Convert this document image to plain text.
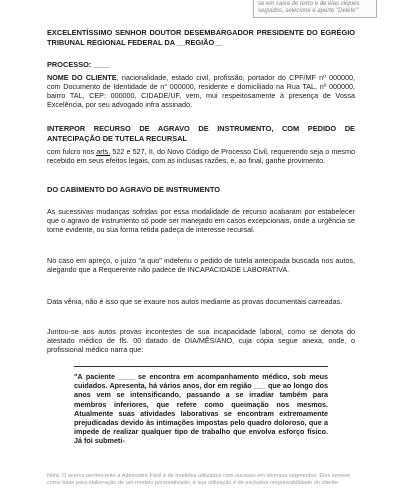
se em caixa de texto e de elas cliques seguidos, selecione e aperte "Delete"
EXCELENTÍSSIMO SENHOR DOUTOR DESEMBARGADOR PRESIDENTE DO EGRÉGIO TRIBUNAL REGIONAL FEDERAL DA __REGIÃO__
PROCESSO: ____
NOME DO CLIENTE, nacionalidade, estado civil, profissão, portador do CPF/MF nº 000000, com Documento de Identidade de n° 000000, residente e domiciliado na Rua TAL, nº 000000, bairro TAL, CEP: 000000, CIDADE/UF, vem, mui respeitosamente à presença de Vossa Excelência, por seu advogado infra assinado,
INTERPOR RECURSO DE AGRAVO DE INSTRUMENTO, COM PEDIDO DE ANTECIPAÇÃO DE TUTELA RECURSAL
com fulcro nos arts. 522 e 527, II, do Novo Código de Processo Civil, requerendo seja o mesmo recebido em seus efeitos legais, com as inclusas razões, e, ao final, ganhe provimento.
DO CABIMENTO DO AGRAVO DE INSTRUMENTO
As sucessivas mudanças sofridas por essa modalidade de recurso acabaram por estabelecer que o agravo de instrumento só pode ser manejado em casos excepcionais, onde a urgência se torne evidente, ou sua forma retida padeça de interesse recursal.
No caso em apreço, o juízo "a quo" indeferiu o pedido de tutela antecipada buscada nos autos, alegando que a Requerente não padece de INCAPACIDADE LABORATIVA.
Data vênia, não é isso que se exaure nos autos mediante as provas documentais carreadas.
Juntou-se aos autos provas incontestes de sua incapacidade laboral, como se denota do atestado médico de fls. 00 datado de DIA/MÊS/ANO, cuja cópia segue anexa, onde, o profissional médico narra que:
"A paciente ____ se encontra em acompanhamento médico, sob meus cuidados. Apresenta, há vários anos, dor em região ___ que ao longo dos anos vem se intensificando, passando a se irradiar também para membros inferiores, que refere como queimação nos mesmos. Atualmente suas atividades laborativas se encontram extremamente prejudicadas devido às intimações impostas pelo quadro doloroso, que a impede de realizar qualquer tipo de trabalho que envolva esforço físico. Já foi submeti-
Nota: O acervo pertencente a Administre Fácil é de modelos utilizados com sucesso em diversos segmentos. Eles servem como base para elaboração de um modelo personalizado, e sua utilização é de exclusiva responsabilidade do cliente.
